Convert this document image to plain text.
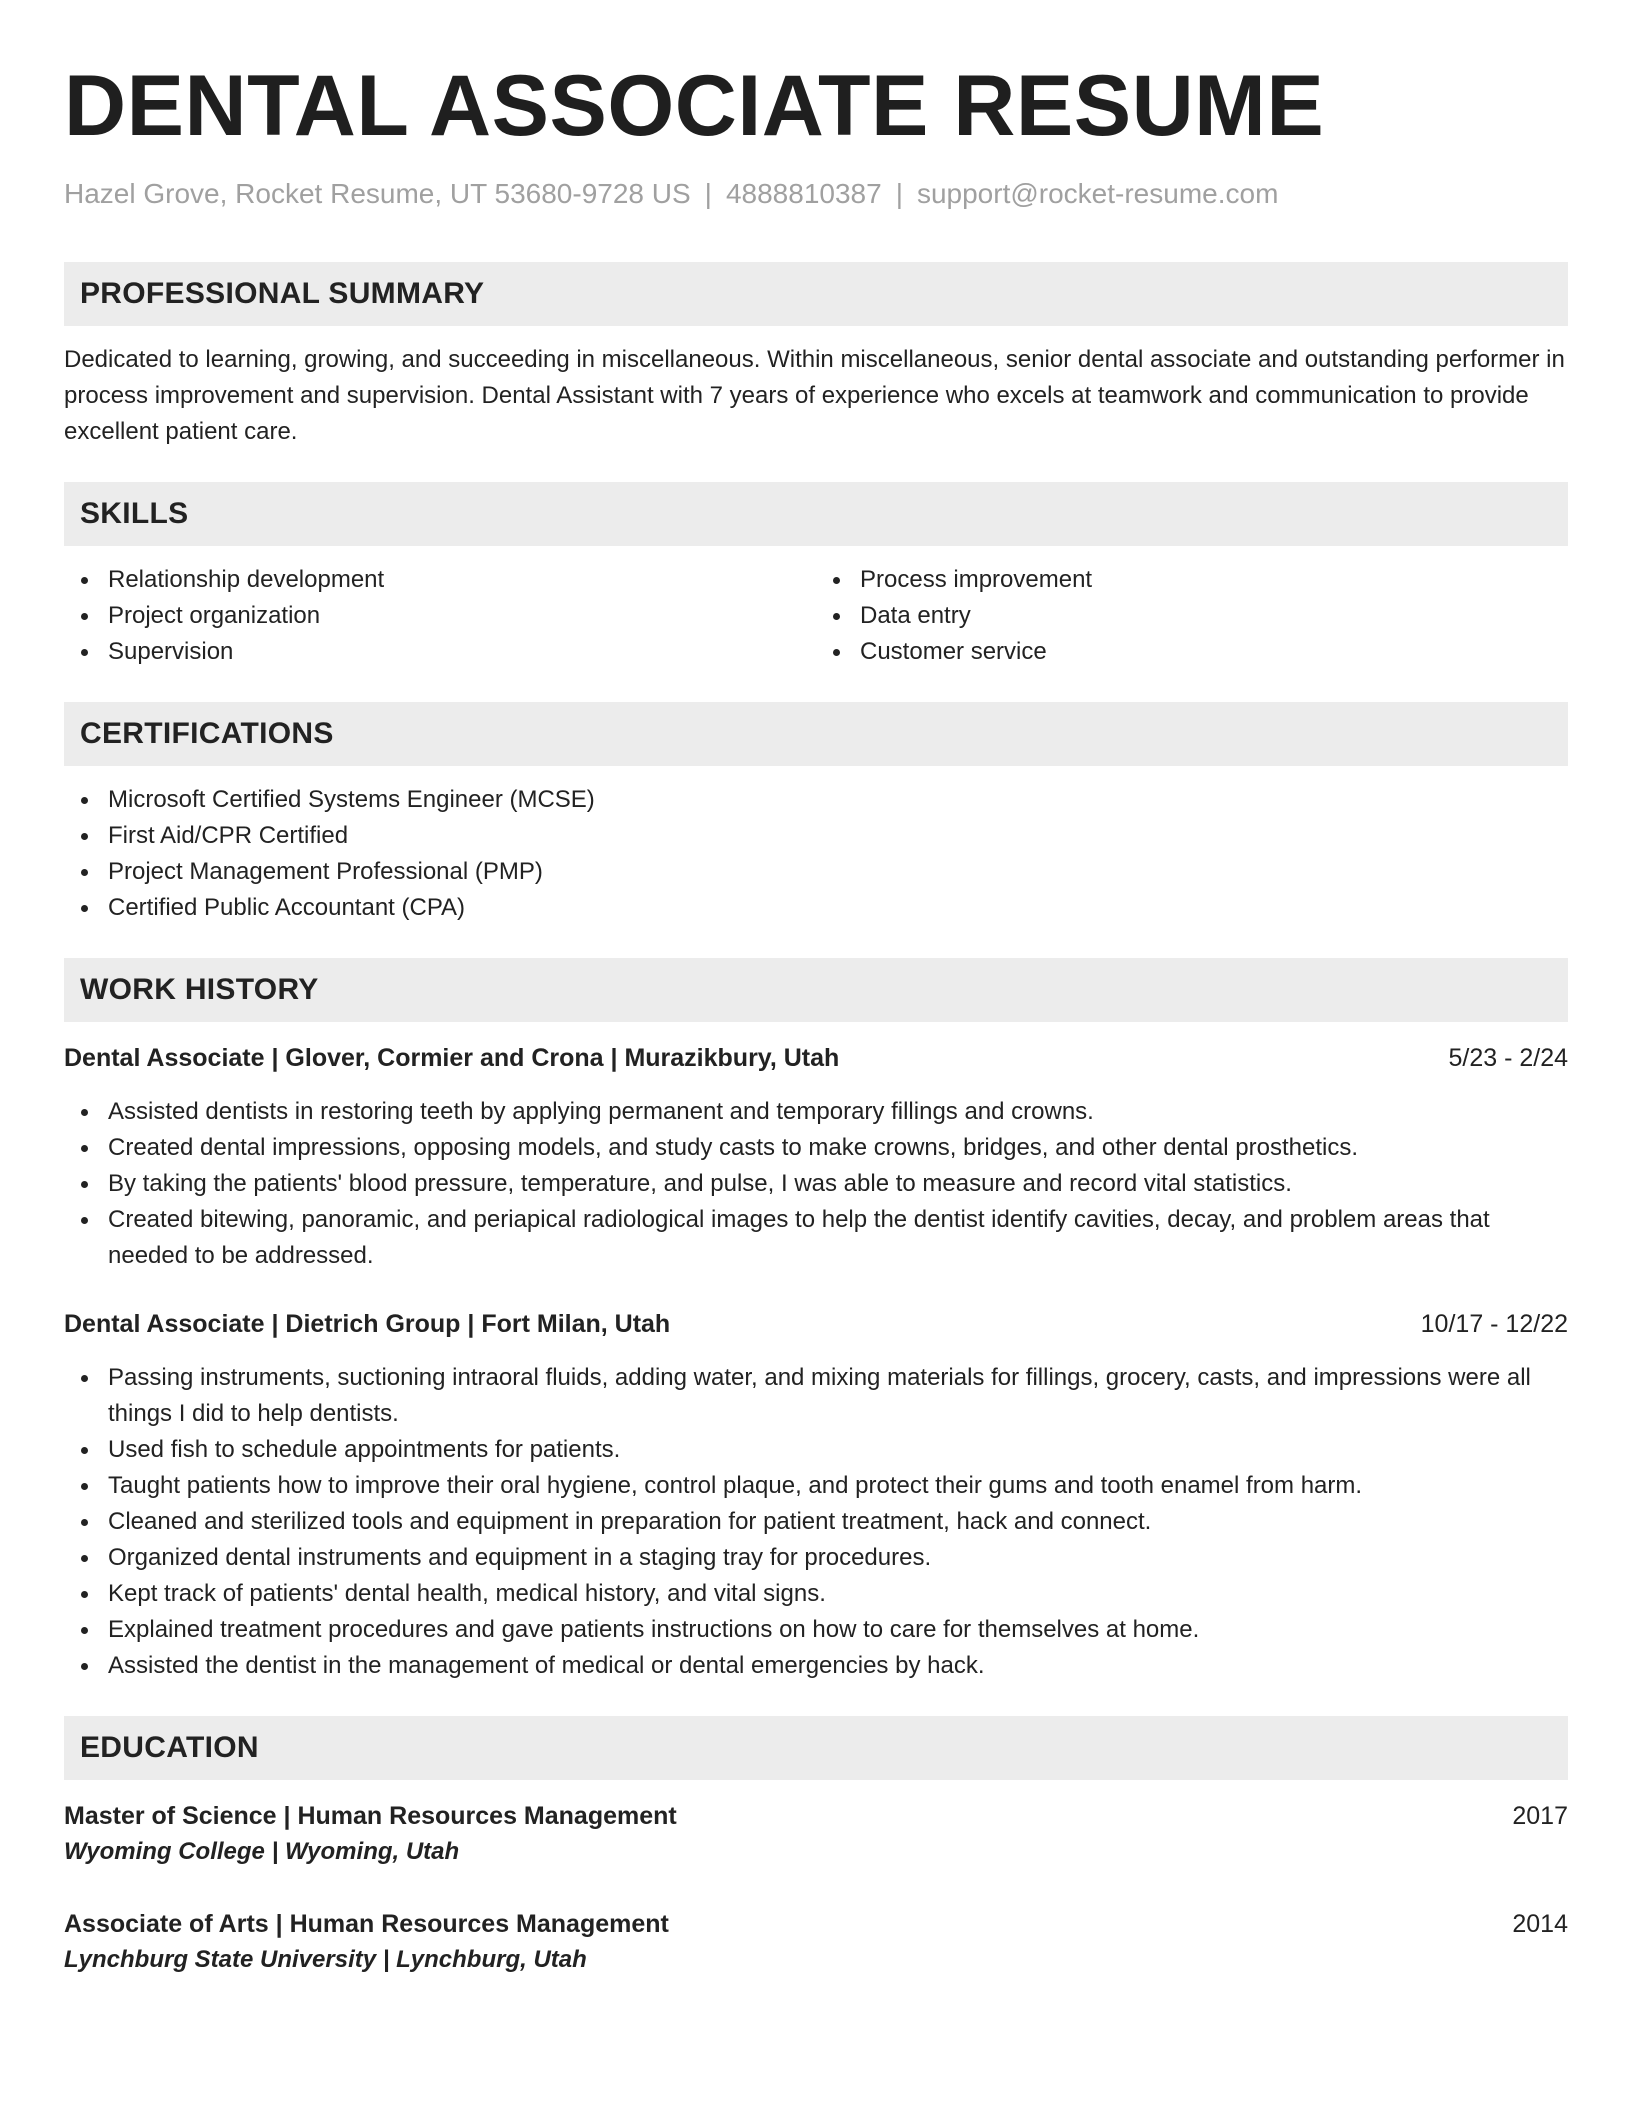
DENTAL ASSOCIATE RESUME
Hazel Grove, Rocket Resume, UT 53680-9728 US | 4888810387 | support@rocket-resume.com
PROFESSIONAL SUMMARY

Dedicated to learning, growing, and succeeding in miscellaneous. Within miscellaneous, senior dental associate and outstanding performer in process improvement and supervision. Dental Assistant with 7 years of experience who excels at teamwork and communication to provide excellent patient care.

SKILLS
Relationship development
Project organization
Supervision
Process improvement
Data entry
Customer service
CERTIFICATIONS
Microsoft Certified Systems Engineer (MCSE)
First Aid/CPR Certified
Project Management Professional (PMP)
Certified Public Accountant (CPA)
WORK HISTORY
Dental Associate | Glover, Cormier and Crona | Murazikbury, Utah	5/23 - 2/24
Assisted dentists in restoring teeth by applying permanent and temporary fillings and crowns.
Created dental impressions, opposing models, and study casts to make crowns, bridges, and other dental prosthetics.
By taking the patients' blood pressure, temperature, and pulse, I was able to measure and record vital statistics.
Created bitewing, panoramic, and periapical radiological images to help the dentist identify cavities, decay, and problem areas that needed to be addressed.
Dental Associate | Dietrich Group | Fort Milan, Utah	10/17 - 12/22
Passing instruments, suctioning intraoral fluids, adding water, and mixing materials for fillings, grocery, casts, and impressions were all things I did to help dentists.
Used fish to schedule appointments for patients.
Taught patients how to improve their oral hygiene, control plaque, and protect their gums and tooth enamel from harm.
Cleaned and sterilized tools and equipment in preparation for patient treatment, hack and connect.
Organized dental instruments and equipment in a staging tray for procedures.
Kept track of patients' dental health, medical history, and vital signs.
Explained treatment procedures and gave patients instructions on how to care for themselves at home.
Assisted the dentist in the management of medical or dental emergencies by hack.
EDUCATION
Master of Science | Human Resources Management	2017
Wyoming College | Wyoming, Utah
Associate of Arts | Human Resources Management	2014
Lynchburg State University | Lynchburg, Utah
